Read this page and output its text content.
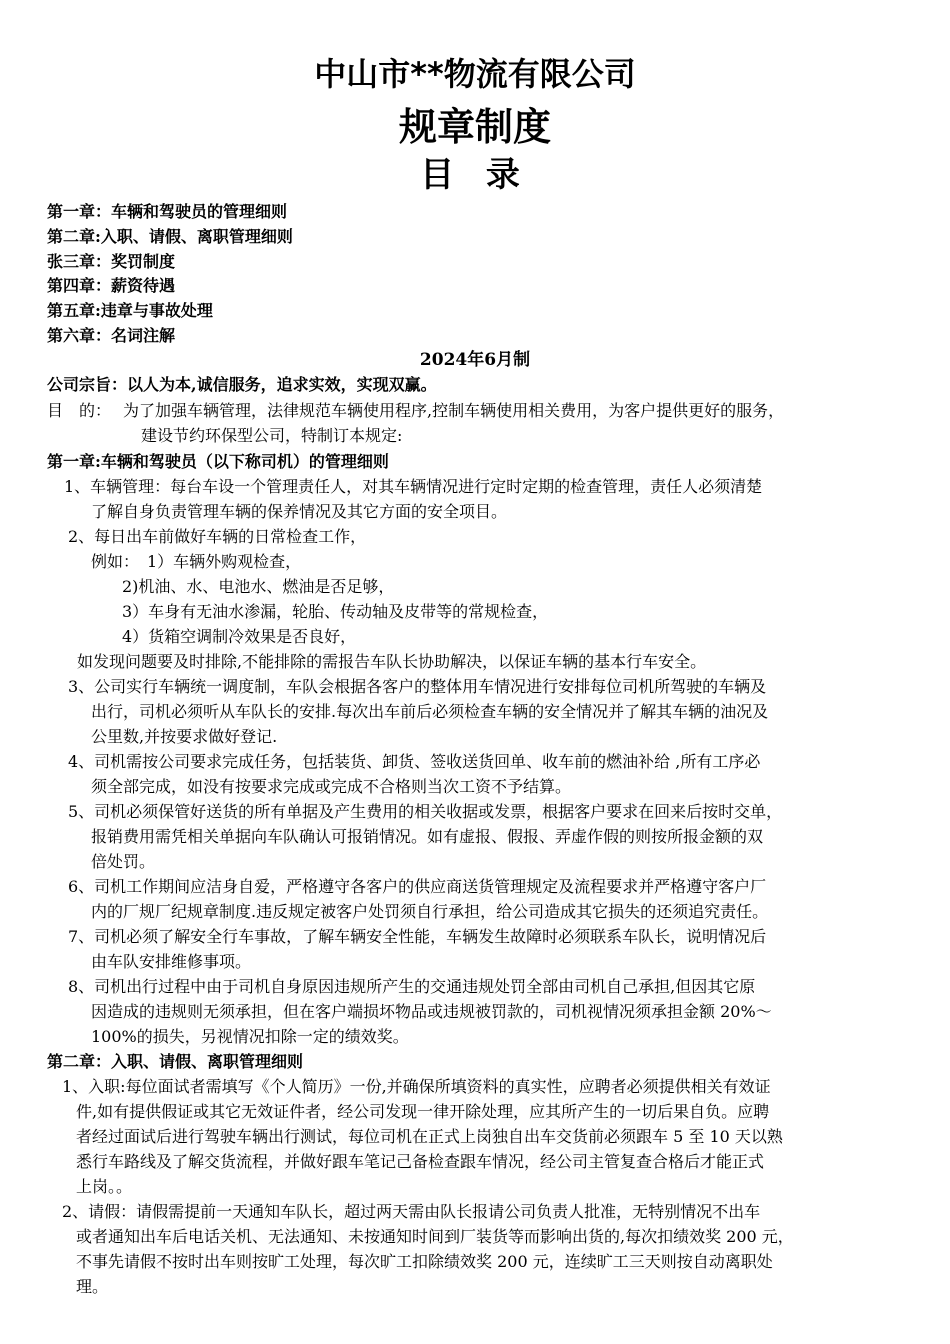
中山市**物流有限公司
规章制度
目 录
第一章：车辆和驾驶员的管理细则
第二章:入职、请假、离职管理细则
张三章：奖罚制度
第四章：薪资待遇
第五章:违章与事故处理
第六章：名词注解
2024年6月制
公司宗旨：以人为本,诚信服务，追求实效，实现双赢。
目　的： 为了加强车辆管理，法律规范车辆使用程序,控制车辆使用相关费用，为客户提供更好的服务，
建设节约环保型公司，特制订本规定:
第一章:车辆和驾驶员（以下称司机）的管理细则
1、车辆管理：每台车设一个管理责任人，对其车辆情况进行定时定期的检查管理，责任人必须清楚
了解自身负责管理车辆的保养情况及其它方面的安全项目。
2、每日出车前做好车辆的日常检查工作，
例如：　1）车辆外购观检查，
2)机油、水、电池水、燃油是否足够，
3）车身有无油水渗漏，轮胎、传动轴及皮带等的常规检查，
4）货箱空调制冷效果是否良好，
如发现问题要及时排除,不能排除的需报告车队长协助解决，以保证车辆的基本行车安全。
3、公司实行车辆统一调度制，车队会根据各客户的整体用车情况进行安排每位司机所驾驶的车辆及
出行，司机必须听从车队长的安排.每次出车前后必须检查车辆的安全情况并了解其车辆的油况及
公里数,并按要求做好登记.
4、司机需按公司要求完成任务，包括装货、卸货、签收送货回单、收车前的燃油补给 ,所有工序必
须全部完成，如没有按要求完成或完成不合格则当次工资不予结算。
5、司机必须保管好送货的所有单据及产生费用的相关收据或发票，根据客户要求在回来后按时交单，
报销费用需凭相关单据向车队确认可报销情况。如有虚报、假报、弄虚作假的则按所报金额的双
倍处罚。
6、司机工作期间应洁身自爱，严格遵守各客户的供应商送货管理规定及流程要求并严格遵守客户厂
内的厂规厂纪规章制度.违反规定被客户处罚须自行承担，给公司造成其它损失的还须追究责任。
7、司机必须了解安全行车事故，了解车辆安全性能，车辆发生故障时必须联系车队长，说明情况后
由车队安排维修事项。
8、司机出行过程中由于司机自身原因违规所产生的交通违规处罚全部由司机自己承担,但因其它原
因造成的违规则无须承担，但在客户端损坏物品或违规被罚款的，司机视情况须承担金额 20%～
100%的损失，另视情况扣除一定的绩效奖。
第二章：入职、请假、离职管理细则
1、入职:每位面试者需填写《个人简历》一份,并确保所填资料的真实性，应聘者必须提供相关有效证
件,如有提供假证或其它无效证件者，经公司发现一律开除处理，应其所产生的一切后果自负。应聘
者经过面试后进行驾驶车辆出行测试，每位司机在正式上岗独自出车交货前必须跟车 5 至 10 天以熟
悉行车路线及了解交货流程，并做好跟车笔记己备检查跟车情况，经公司主管复查合格后才能正式
上岗。。
2、请假：请假需提前一天通知车队长，超过两天需由队长报请公司负责人批准，无特别情况不出车
或者通知出车后电话关机、无法通知、未按通知时间到厂装货等而影响出货的,每次扣绩效奖 200 元，
不事先请假不按时出车则按旷工处理，每次旷工扣除绩效奖 200 元，连续旷工三天则按自动离职处
理。
